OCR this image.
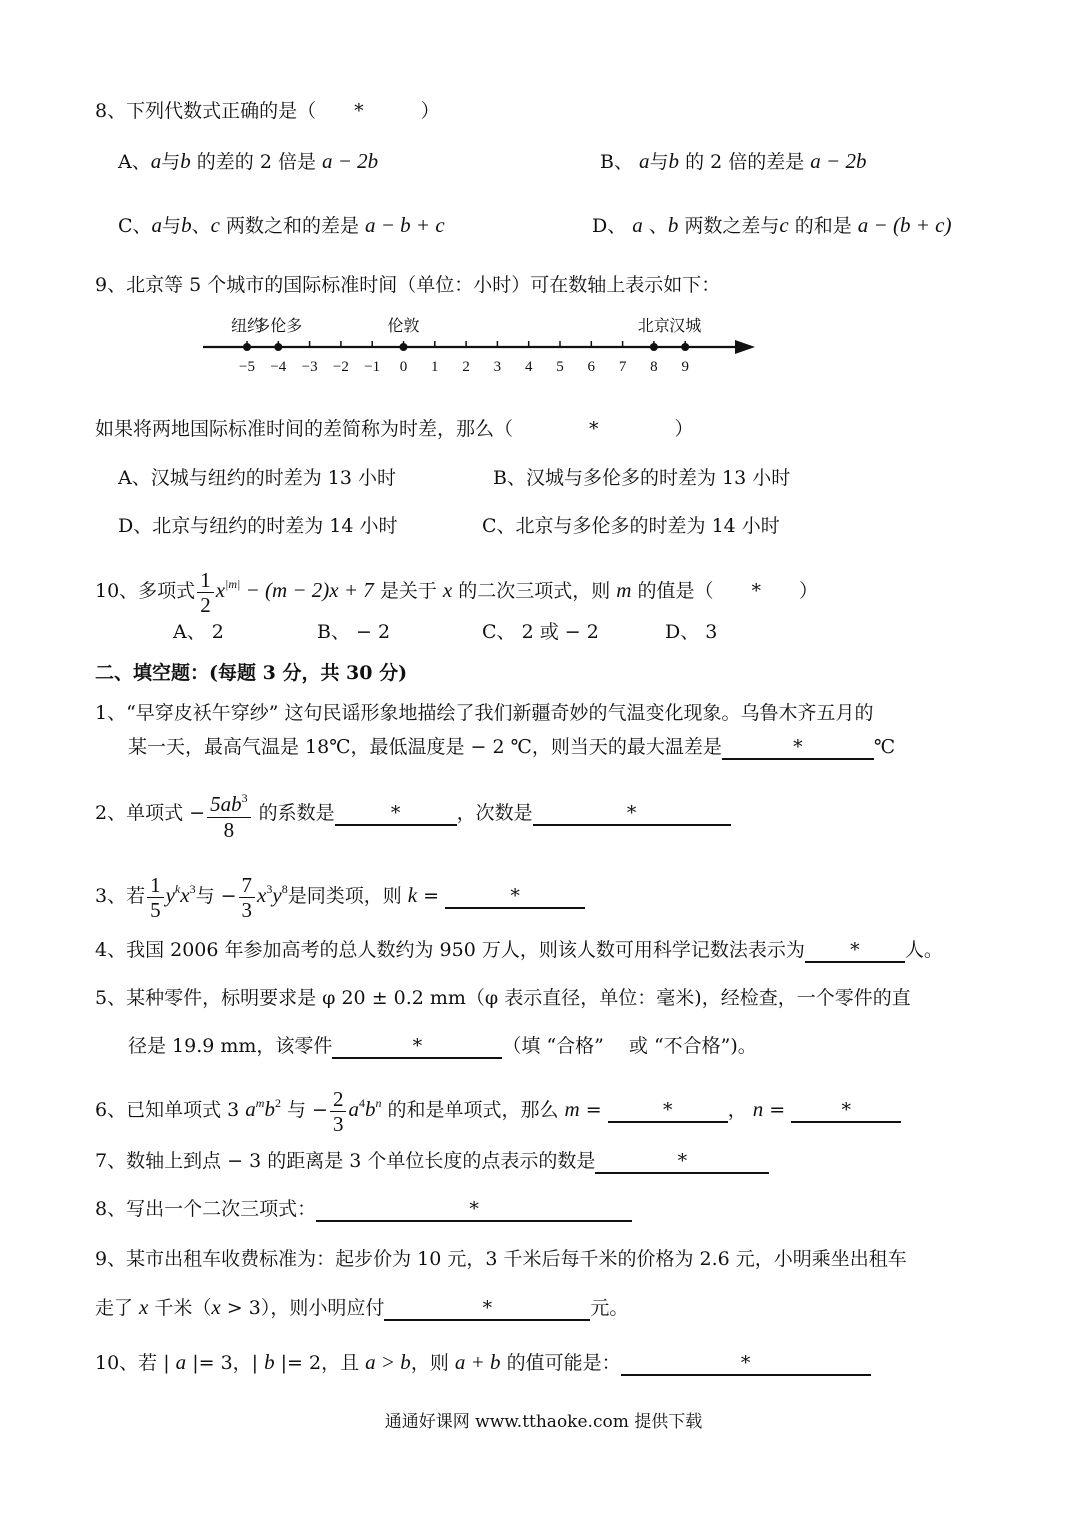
8、下列代数式正确的是（　　*　　　）
A、a与b 的差的 2 倍是 a − 2b	B、 a与b 的 2 倍的差是 a − 2b
C、a与b、c 两数之和的差是 a − b + c	D、 a 、b 两数之差与c 的和是 a − (b + c)
9、北京等 5 个城市的国际标准时间（单位：小时）可在数轴上表示如下：
−5 −4 −3 −2 −1 0 1 2 3 4 5 6 7 8 9
纽约
多伦多	伦敦	北京 汉城
如果将两地国际标准时间的差简称为时差，那么（　　　　*　　　　）
A、汉城与纽约的时差为 13 小时	B、汉城与多伦多的时差为 13 小时
D、北京与纽约的时差为 14 小时	C、北京与多伦多的时差为 14 小时
10、多项式 $\frac{1}{2} x^{|m|} - (m - 2)x + 7$ 是关于 x 的二次三项式，则 m 的值是（　　*　　）
A、 2	B、 − 2	C、 2 或 − 2	D、 3
二、填空题：(每题 3 分，共 30 分)
1、“早穿皮袄午穿纱” 这句民谣形象地描绘了我们新疆奇妙的气温变化现象。乌鲁木齐五月的
某一天，最高气温是 18℃，最低温度是 − 2 ℃，则当天的最大温差是	*	℃
2、单项式 − $\frac{5ab^3}{8}$ 的系数是	*	，次数是	*
3、若 $\frac{1}{5} y^kx^3$与 − $\frac{7}{3} x^3y^8$是同类项，则 k =	*
4、我国 2006 年参加高考的总人数约为 950 万人，则该人数可用科学记数法表示为 * 人。
5、某种零件，标明要求是 φ 20 ± 0.2 mm（φ 表示直径，单位：毫米)，经检查，一个零件的直
径是 19.9 mm，该零件	*	（填 “合格” 　或 “不合格”)。
6、已知单项式 3 $a^mb^2$ 与 − $\frac{2}{3} a^4b^n$ 的和是单项式，那么 m =	*	， n =	*
7、数轴上到点 − 3 的距离是 3 个单位长度的点表示的数是	*
8、写出一个二次三项式：	*
9、某市出租车收费标准为：起步价为 10 元，3 千米后每千米的价格为 2.6 元，小明乘坐出租车
走了 x 千米（x > 3），则小明应付	*	元。
10、若 | a |= 3，| b |= 2，且 a > b，则 a + b 的值可能是：	*
通通好课网 www.tthaoke.com 提供下载
